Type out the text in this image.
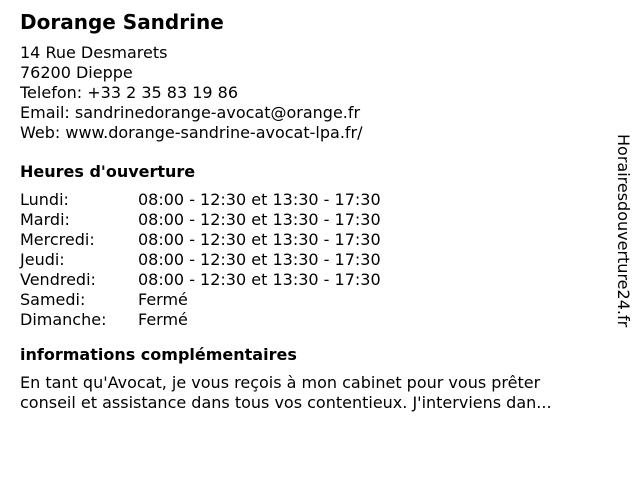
Dorange Sandrine
14 Rue Desmarets
76200 Dieppe
Telefon: +33 2 35 83 19 86
Email: sandrinedorange-avocat@orange.fr
Web: www.dorange-sandrine-avocat-lpa.fr/
Heures d'ouverture
Lundi:	08:00 - 12:30 et 13:30 - 17:30
Mardi:	08:00 - 12:30 et 13:30 - 17:30
Mercredi:	08:00 - 12:30 et 13:30 - 17:30
Jeudi:	08:00 - 12:30 et 13:30 - 17:30
Vendredi:	08:00 - 12:30 et 13:30 - 17:30
Samedi:	Fermé
Dimanche:	Fermé
informations complémentaires
En tant qu'Avocat, je vous reçois à mon cabinet pour vous prêter
conseil et assistance dans tous vos contentieux. J'interviens dan...
Horairesdouverture24.fr
